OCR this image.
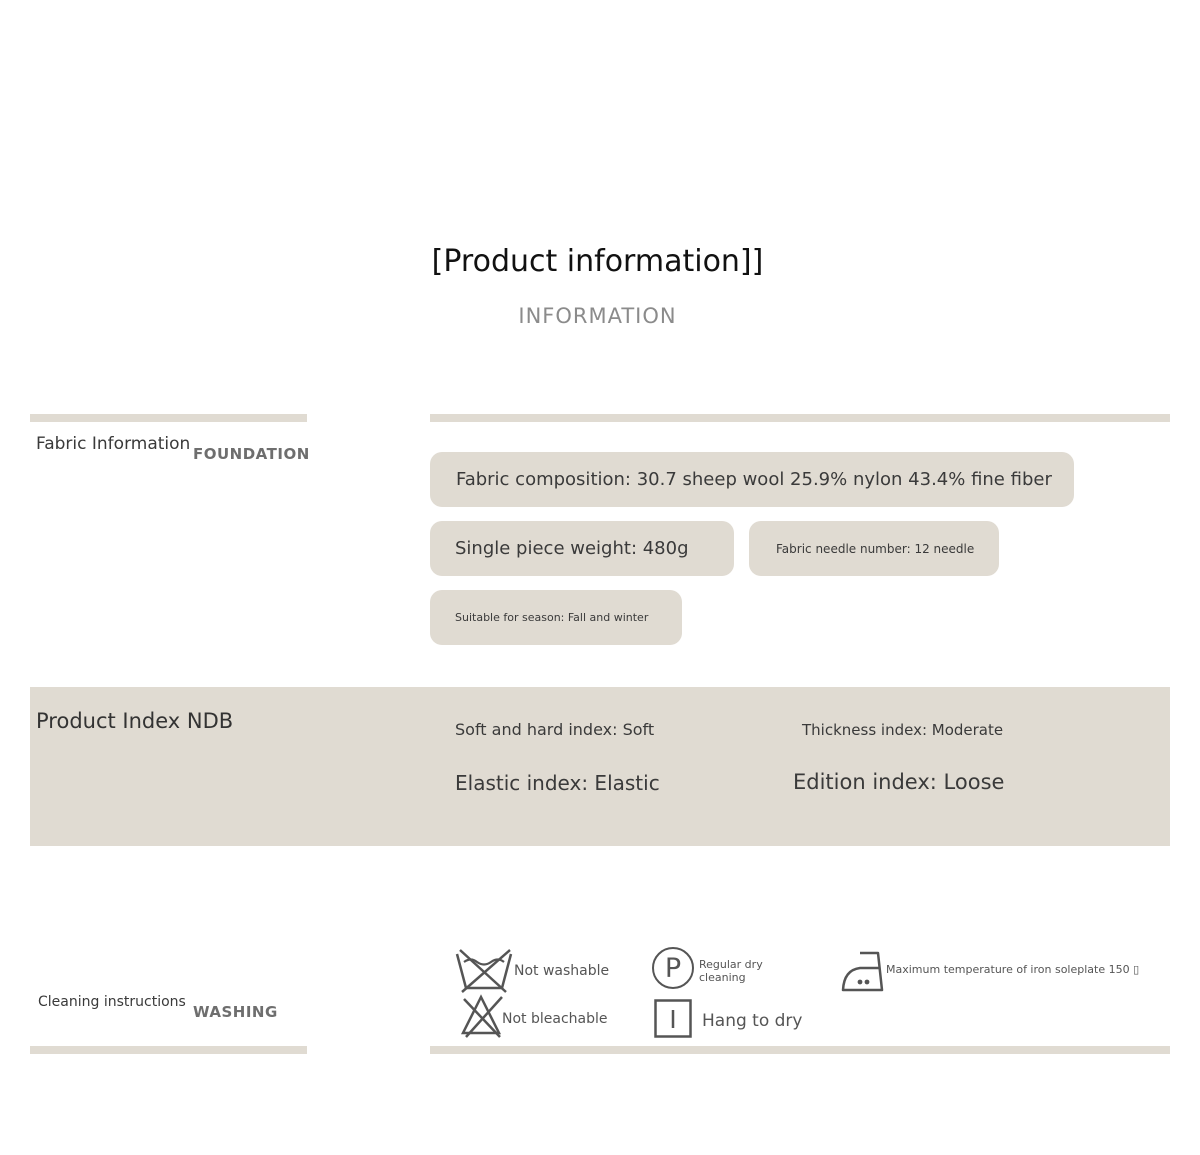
[Product information]]
INFORMATION
Fabric Information FOUNDATION
Fabric composition: 30.7 sheep wool 25.9% nylon 43.4% fine fiber
Single piece weight: 480g	Fabric needle number: 12 needle
Suitable for season: Fall and winter
Product Index NDB	Soft and hard index: Soft	Thickness index: Moderate
Elastic index: Elastic	Edition index: Loose
Cleaning instructions
WASHING
Not washable
Not bleachable
P Regular dry
cleaning
Hang to dry
Maximum temperature of iron soleplate 150 ▯
